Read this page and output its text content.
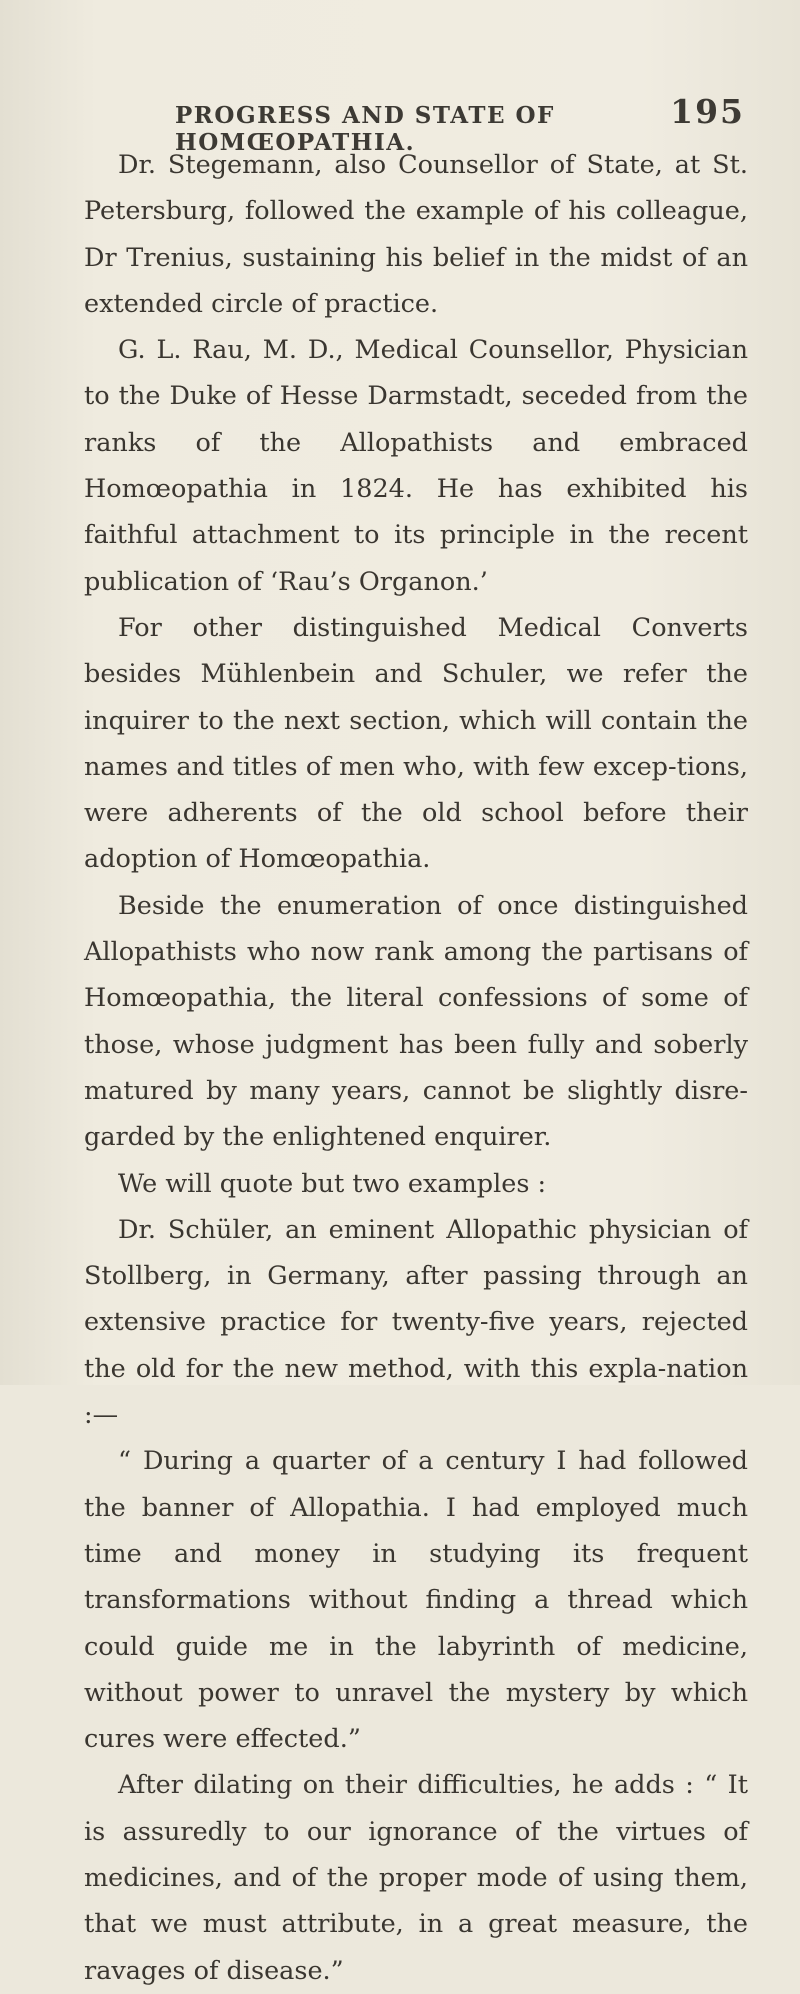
PROGRESS AND STATE OF HOMŒOPATHIA.
195

Dr. Stegemann, also Counsellor of State, at St. Petersburg, followed the example of his colleague, Dr Trenius, sustaining his belief in the midst of an extended circle of practice.

G. L. Rau, M. D., Medical Counsellor, Physician to the Duke of Hesse Darmstadt, seceded from the ranks of the Allopathists and embraced Homœopathia in 1824. He has exhibited his faithful attachment to its principle in the recent publication of ‘Rau’s Organon.’

For other distinguished Medical Converts besides Mühlenbein and Schuler, we refer the inquirer to the next section, which will contain the names and titles of men who, with few excep-tions, were adherents of the old school before their adoption of Homœopathia.

Beside the enumeration of once distinguished Allopathists who now rank among the partisans of Homœopathia, the literal confessions of some of those, whose judgment has been fully and soberly matured by many years, cannot be slightly disre-garded by the enlightened enquirer.

We will quote but two examples :

Dr. Schüler, an eminent Allopathic physician of Stollberg, in Germany, after passing through an extensive practice for twenty-five years, rejected the old for the new method, with this expla-nation :—

“ During a quarter of a century I had followed the banner of Allopathia. I had employed much time and money in studying its frequent transformations without finding a thread which could guide me in the labyrinth of medicine, without power to unravel the mystery by which cures were effected.”

After dilating on their difficulties, he adds : “ It is assuredly to our ignorance of the virtues of medicines, and of the proper mode of using them, that we must attribute, in a great measure, the ravages of disease.”
